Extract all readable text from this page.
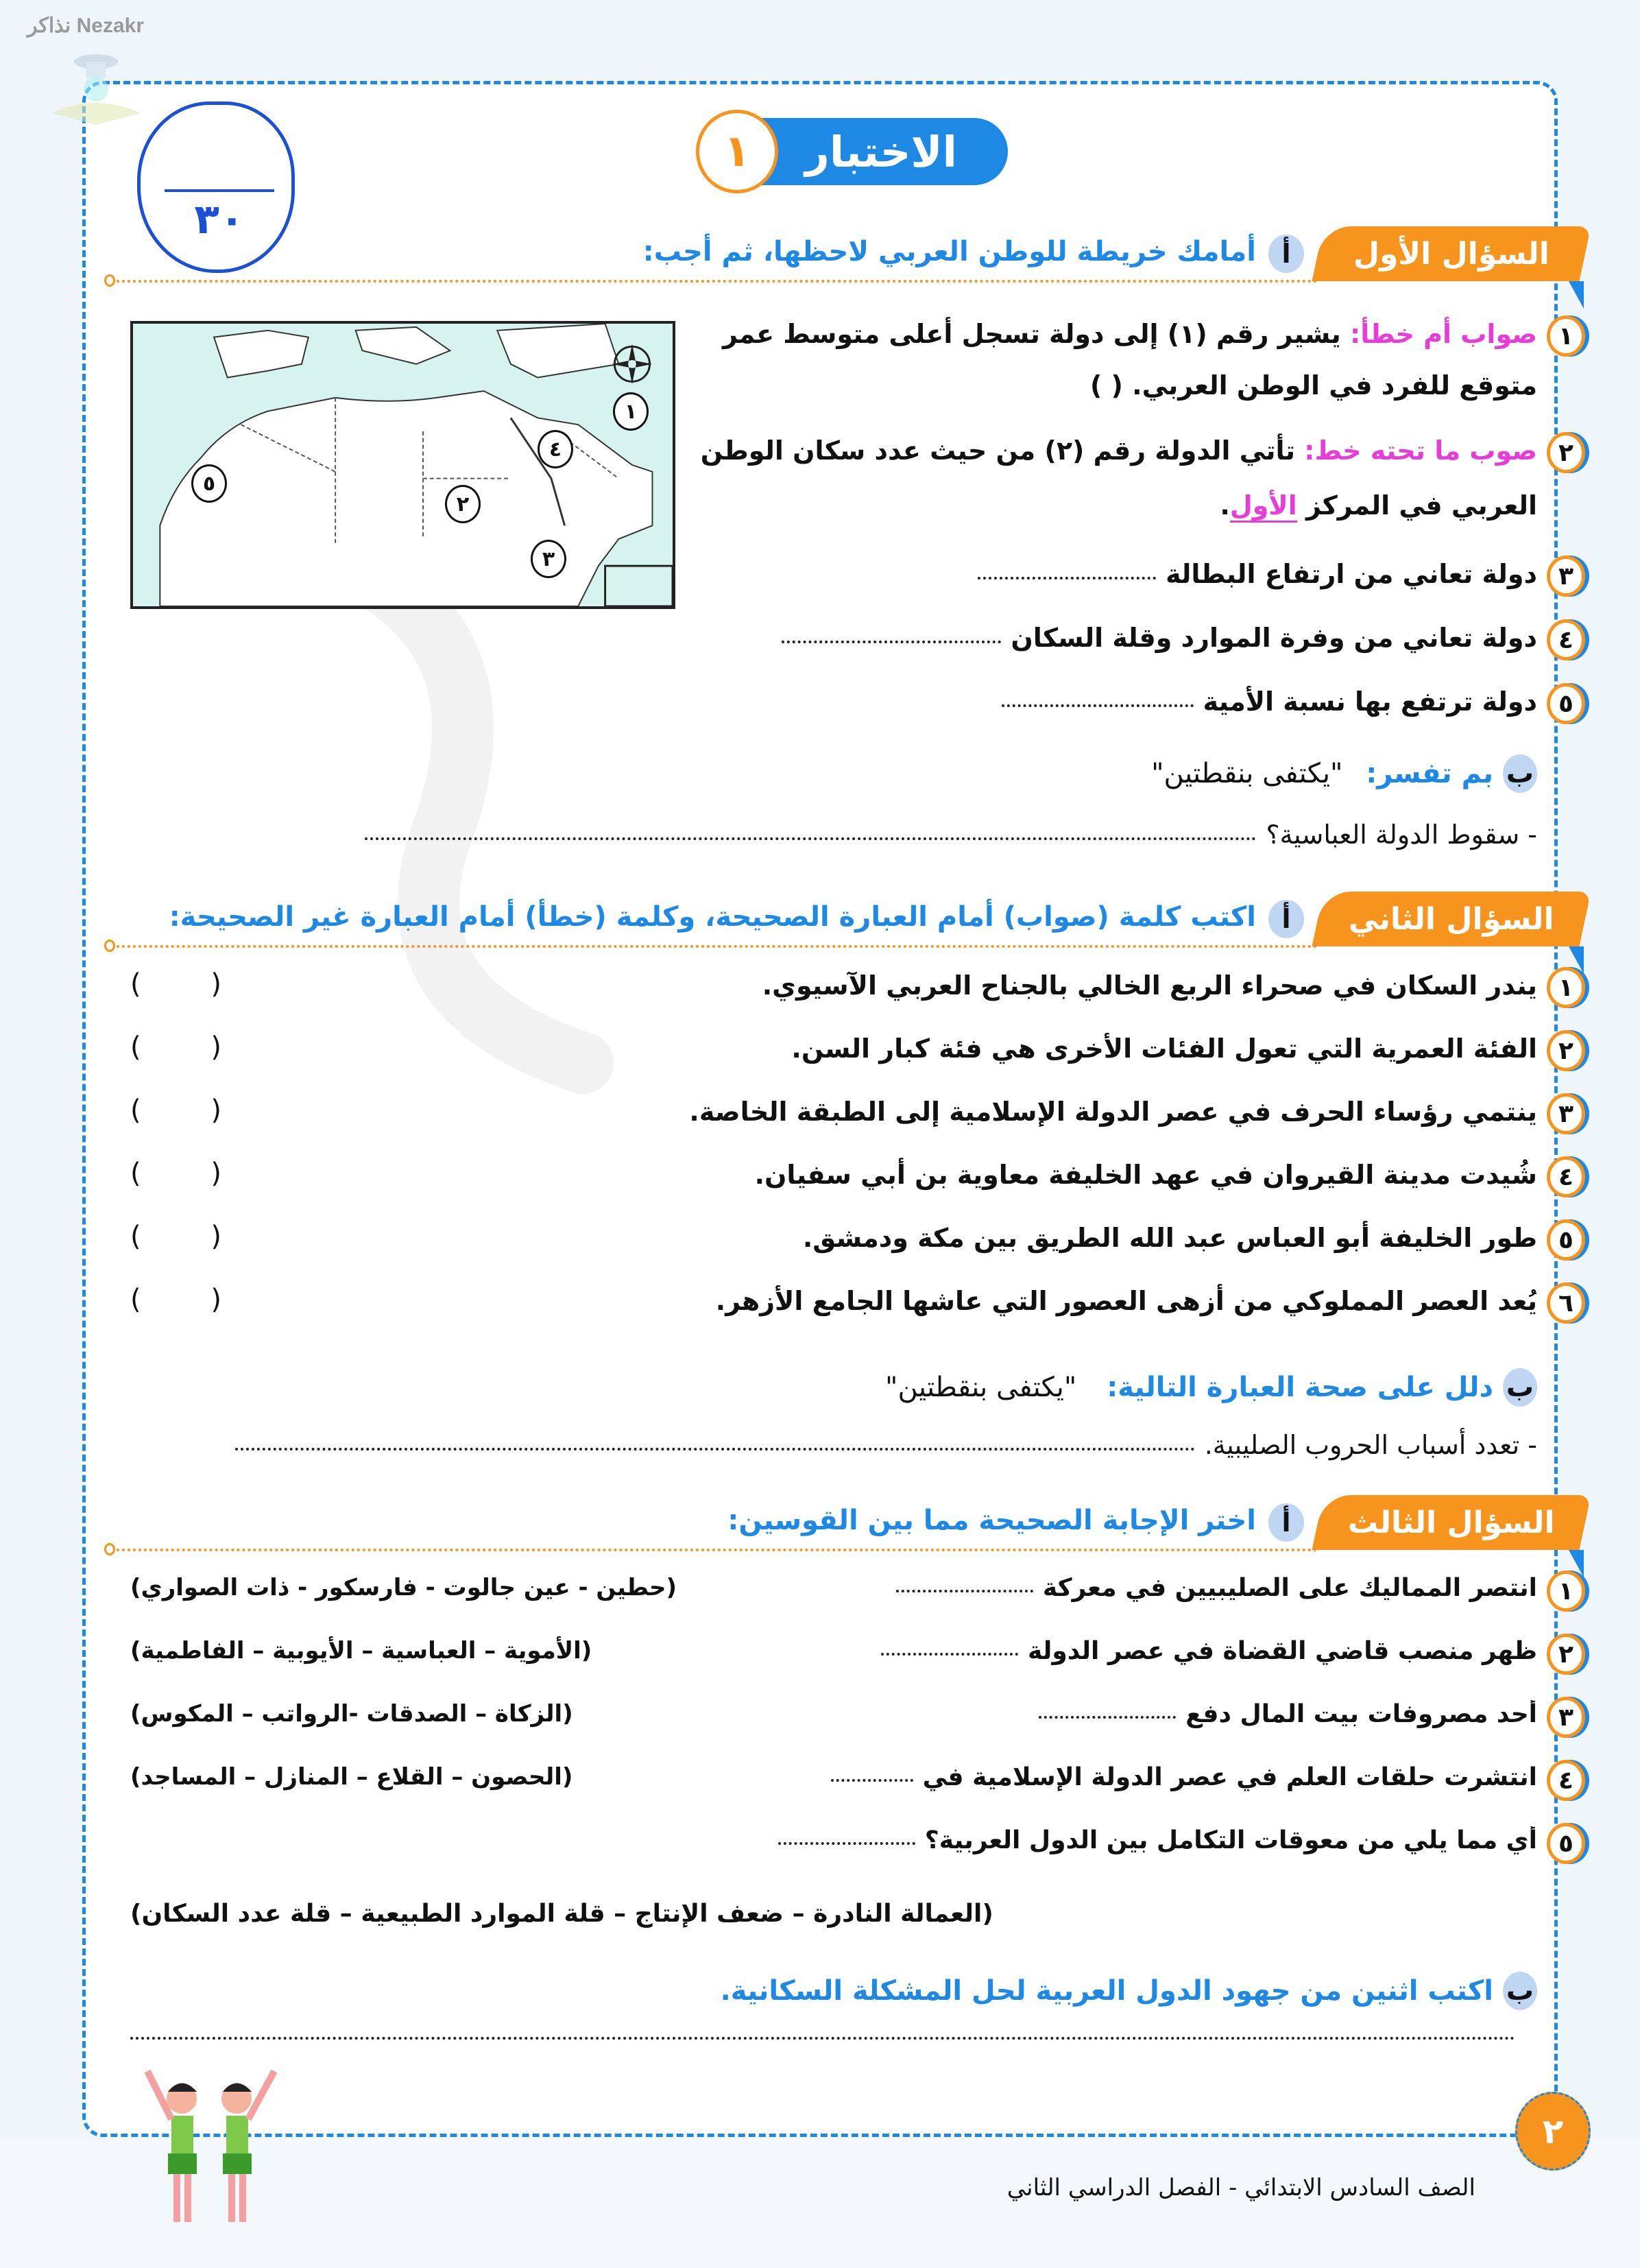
نذاكر Nezakr
٣٠
الاختبار
١
السؤال الأول
أ
أمامك خريطة للوطن العربي لاحظها، ثم أجب:
١
٢
٣
٤
٥
١
صواب أم خطأ: يشير رقم (١) إلى دولة تسجل أعلى متوسط عمر
متوقع للفرد في الوطن العربي. ( )
٢
صوب ما تحته خط: تأتي الدولة رقم (٢) من حيث عدد سكان الوطن
العربي في المركز الأول.
٣
دولة تعاني من ارتفاع البطالة
٤
دولة تعاني من وفرة الموارد وقلة السكان
٥
دولة ترتفع بها نسبة الأمية
ببم تفسر: "يكتفى بنقطتين"
- سقوط الدولة العباسية؟
السؤال الثاني
أ
اكتب كلمة (صواب) أمام العبارة الصحيحة، وكلمة (خطأ) أمام العبارة غير الصحيحة:
١
يندر السكان في صحراء الربع الخالي بالجناح العربي الآسيوي.
(        )
٢
الفئة العمرية التي تعول الفئات الأخرى هي فئة كبار السن.
(        )
٣
ينتمي رؤساء الحرف في عصر الدولة الإسلامية إلى الطبقة الخاصة.
(        )
٤
شُيدت مدينة القيروان في عهد الخليفة معاوية بن أبي سفيان.
(        )
٥
طور الخليفة أبو العباس عبد الله الطريق بين مكة ودمشق.
(        )
٦
يُعد العصر المملوكي من أزهى العصور التي عاشها الجامع الأزهر.
(        )
بدلل على صحة العبارة التالية: "يكتفى بنقطتين"
- تعدد أسباب الحروب الصليبية.
السؤال الثالث
أ
اختر الإجابة الصحيحة مما بين القوسين:
١
انتصر المماليك على الصليبيين في معركة
(حطين - عين جالوت - فارسكور - ذات الصواري)
٢
ظهر منصب قاضي القضاة في عصر الدولة
(الأموية – العباسية – الأيوبية – الفاطمية)
٣
أحد مصروفات بيت المال دفع
(الزكاة – الصدقات -الرواتب – المكوس)
٤
انتشرت حلقات العلم في عصر الدولة الإسلامية في
(الحصون – القلاع – المنازل – المساجد)
٥
أي مما يلي من معوقات التكامل بين الدول العربية؟
(العمالة النادرة – ضعف الإنتاج – قلة الموارد الطبيعية – قلة عدد السكان)
باكتب اثنين من جهود الدول العربية لحل المشكلة السكانية.
٢
الصف السادس الابتدائي - الفصل الدراسي الثاني
